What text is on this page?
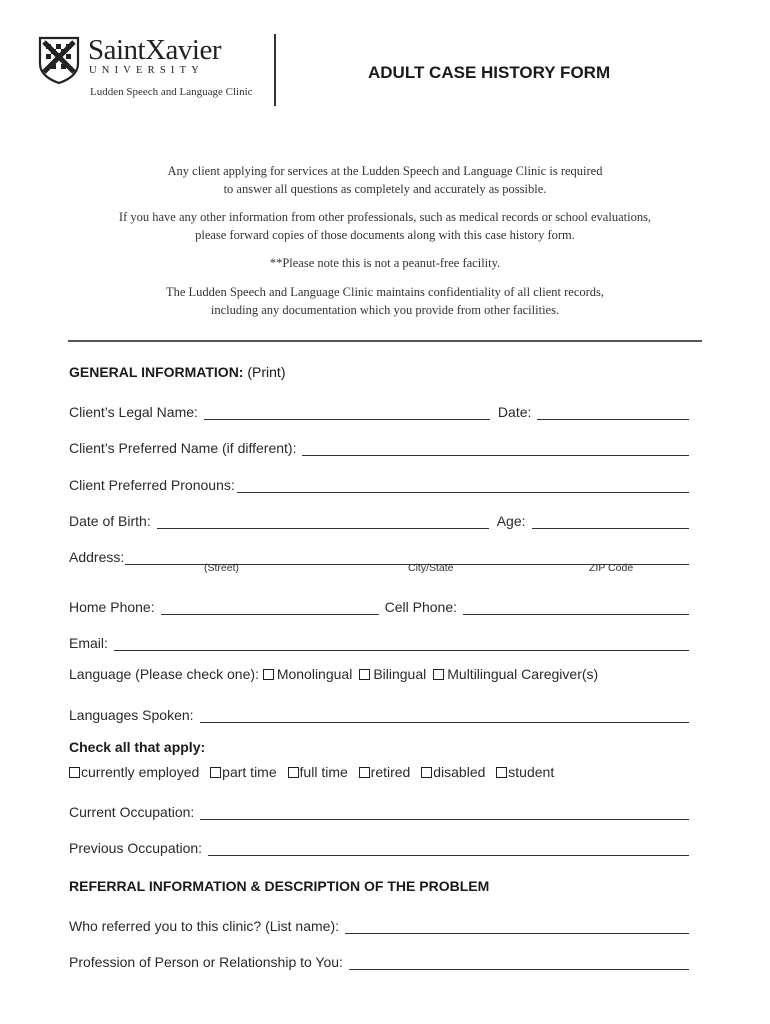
SaintXavier
UNIVERSITY
Ludden Speech and Language Clinic
ADULT CASE HISTORY FORM

Any client applying for services at the Ludden Speech and Language Clinic is required

to answer all questions as completely and accurately as possible.

If you have any other information from other professionals, such as medical records or school evaluations,

please forward copies of those documents along with this case history form.

**Please note this is not a peanut-free facility.

The Ludden Speech and Language Clinic maintains confidentiality of all client records,

including any documentation which you provide from other facilities.

GENERAL INFORMATION: (Print)
Client’s Legal Name:	Date:
Client’s Preferred Name (if different):
Client Preferred Pronouns:
Date of Birth:	Age:
Address:
(Street)	City/State	ZIP Code
Home Phone:	Cell Phone:
Email:
Language (Please check one): Monolingual Bilingual Multilingual Caregiver(s)
Languages Spoken:
Check all that apply:
currently employed part time full time retired disabled student
Current Occupation:
Previous Occupation:
REFERRAL INFORMATION & DESCRIPTION OF THE PROBLEM
Who referred you to this clinic? (List name):
Profession of Person or Relationship to You:
